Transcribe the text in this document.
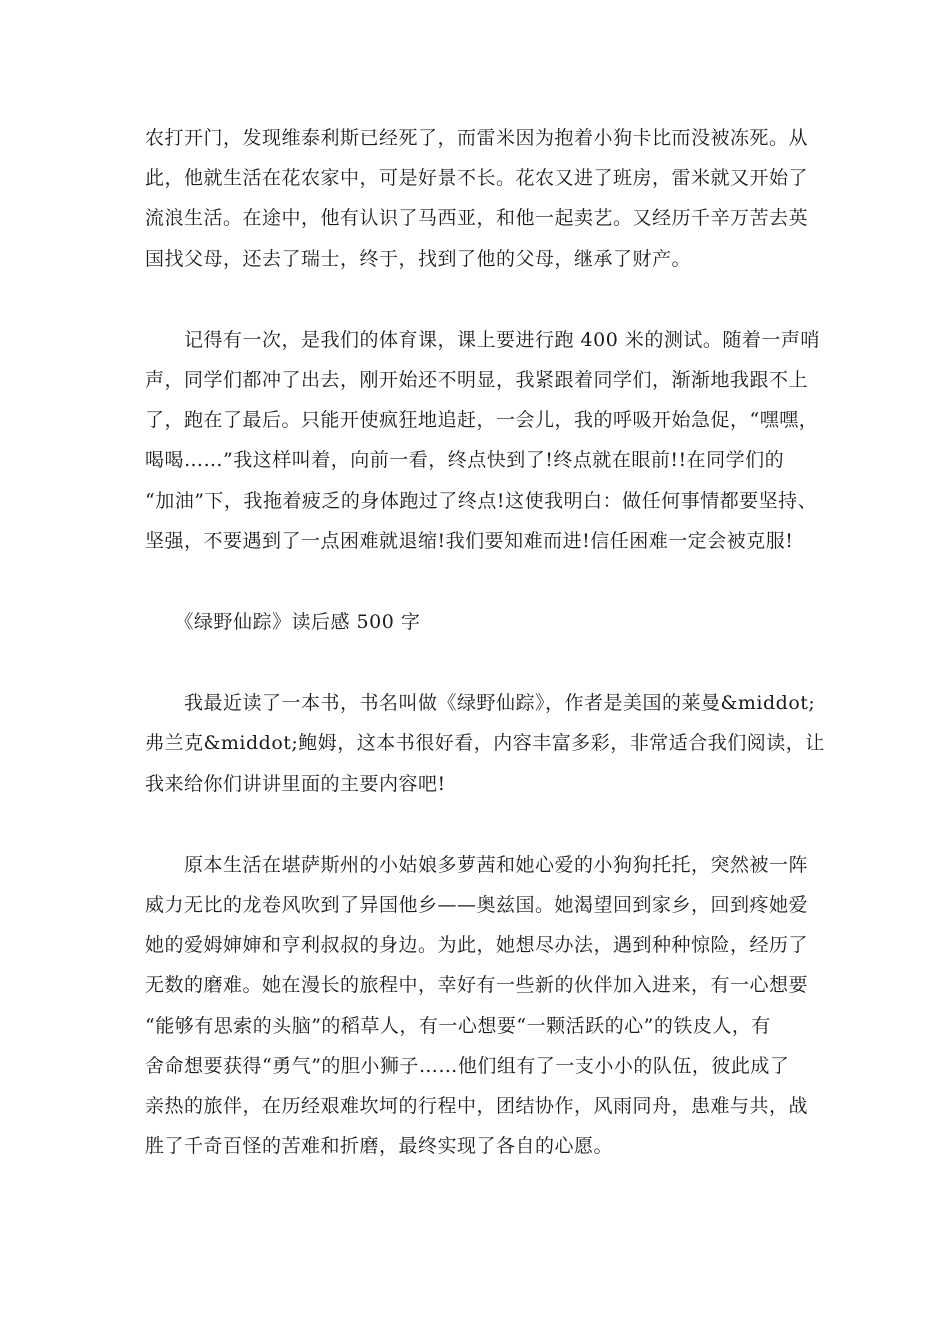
农打开门，发现维泰利斯已经死了，而雷米因为抱着小狗卡比而没被冻死。从
此，他就生活在花农家中，可是好景不长。花农又进了班房，雷米就又开始了
流浪生活。在途中，他有认识了马西亚，和他一起卖艺。又经历千辛万苦去英
国找父母，还去了瑞士，终于，找到了他的父母，继承了财产。

　　记得有一次，是我们的体育课，课上要进行跑 400 米的测试。随着一声哨
声，同学们都冲了出去，刚开始还不明显，我紧跟着同学们，渐渐地我跟不上
了，跑在了最后。只能开使疯狂地追赶，一会儿，我的呼吸开始急促，“嘿嘿，
喝喝……”我这样叫着，向前一看，终点快到了!终点就在眼前!!在同学们的
“加油”下，我拖着疲乏的身体跑过了终点!这使我明白：做任何事情都要坚持、
坚强，不要遇到了一点困难就退缩!我们要知难而进!信任困难一定会被克服!

　　《绿野仙踪》读后感 500 字

　　我最近读了一本书，书名叫做《绿野仙踪》，作者是美国的莱曼&middot;
弗兰克&middot;鲍姆，这本书很好看，内容丰富多彩，非常适合我们阅读，让
我来给你们讲讲里面的主要内容吧!

　　原本生活在堪萨斯州的小姑娘多萝茜和她心爱的小狗狗托托，突然被一阵
威力无比的龙卷风吹到了异国他乡——奥兹国。她渴望回到家乡，回到疼她爱
她的爱姆婶婶和亨利叔叔的身边。为此，她想尽办法，遇到种种惊险，经历了
无数的磨难。她在漫长的旅程中，幸好有一些新的伙伴加入进来，有一心想要
“能够有思索的头脑”的稻草人，有一心想要“一颗活跃的心”的铁皮人，有
舍命想要获得“勇气”的胆小狮子……他们组有了一支小小的队伍，彼此成了
亲热的旅伴，在历经艰难坎坷的行程中，团结协作，风雨同舟，患难与共，战
胜了千奇百怪的苦难和折磨，最终实现了各自的心愿。
